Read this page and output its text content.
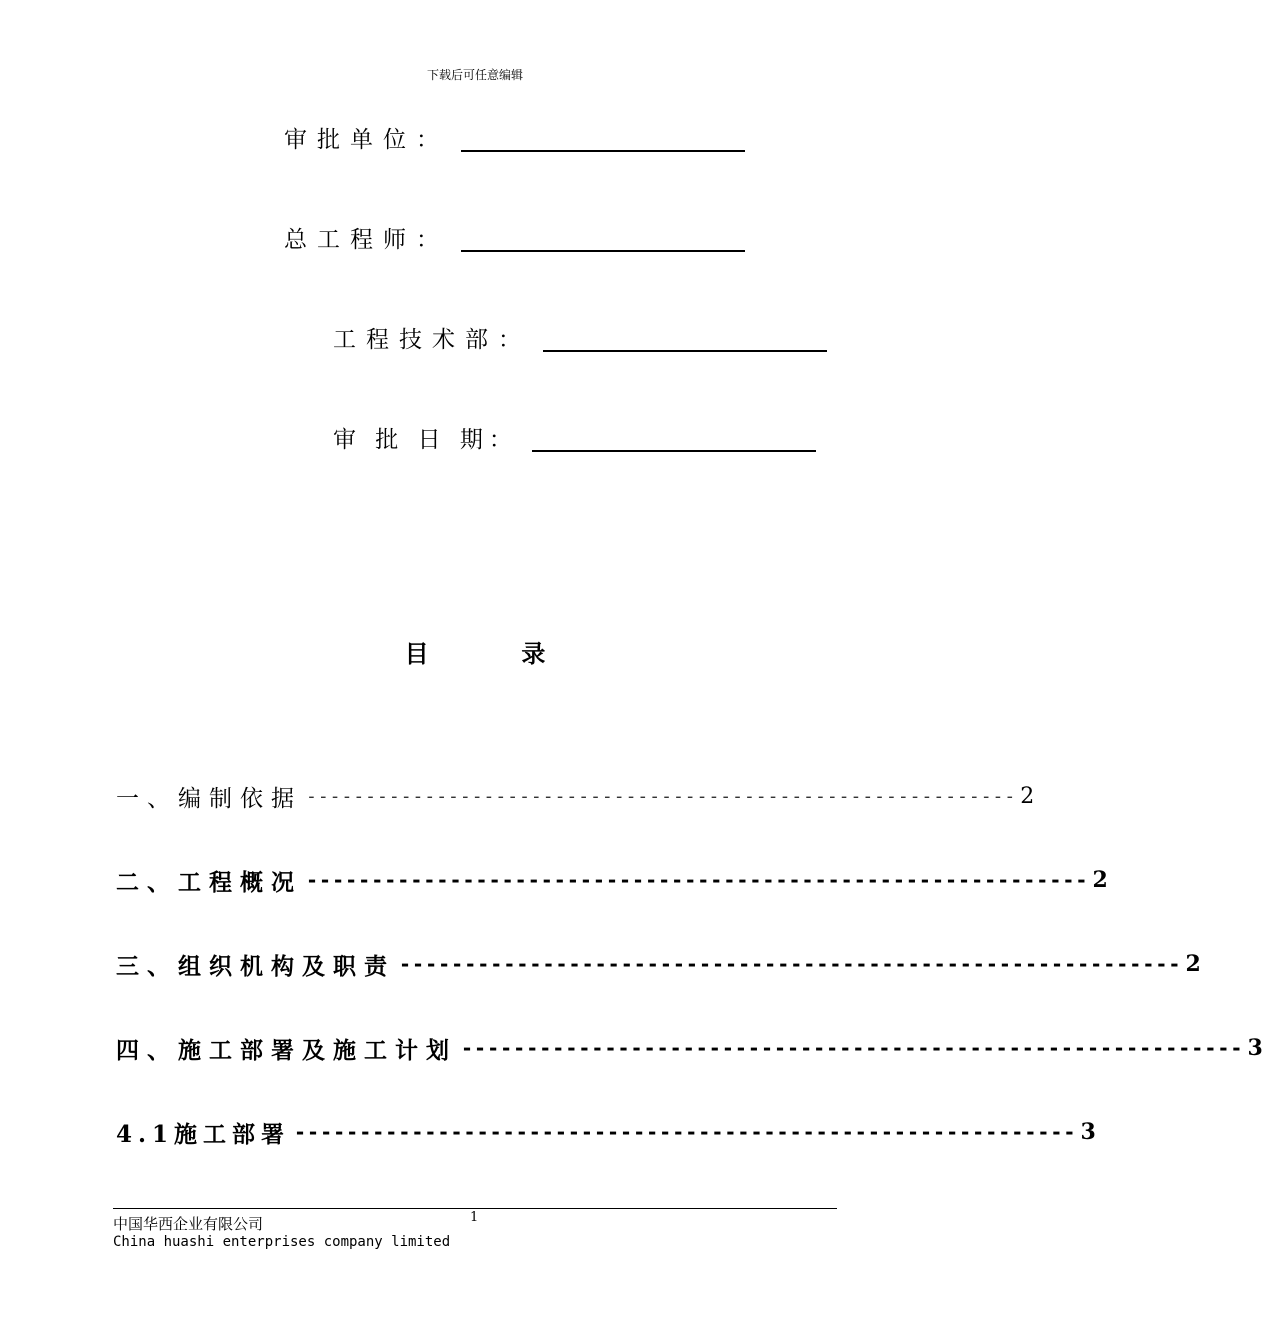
下载后可任意编辑
审批单位：
总工程师：
工程技术部：
审 批 日 期：
目	录
一、编制依据 ------------------------------------------------------------ 2
二、工程概况 ------------------------------------------------------------ 2
三、组织机构及职责 ------------------------------------------------------------ 2
四、施工部署及施工计划 ------------------------------------------------------------ 3
4.1施工部署 ------------------------------------------------------------ 3
中国华西企业有限公司	1
China huashi enterprises company limited
